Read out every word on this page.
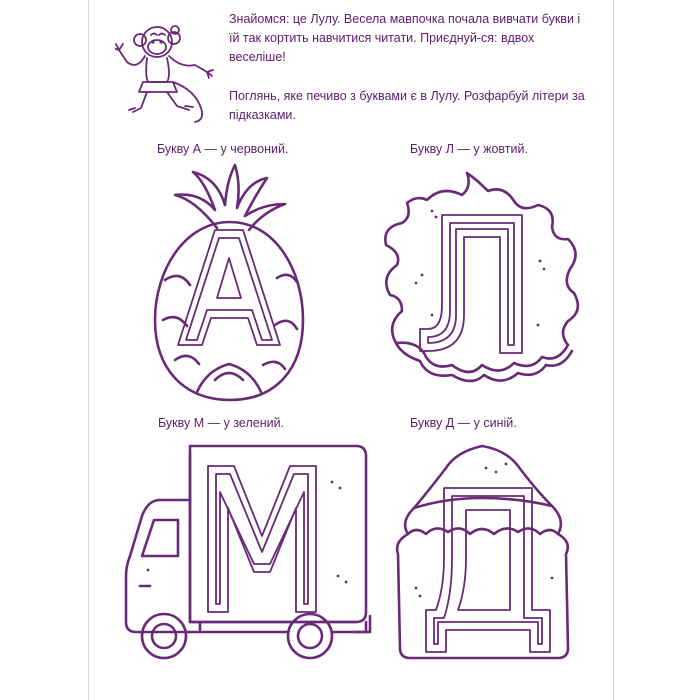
Знайомся: це Лулу. Весела мавпочка почала вивчати букви і їй так кортить навчитися читати. Приєднуй-ся: вдвох веселіше!

Поглянь, яке печиво з буквами є в Лулу. Розфарбуй літери за підказками.

Букву А — у червоний.	Букву Л — у жовтий.
Букву М — у зелений.	Букву Д — у синій.
